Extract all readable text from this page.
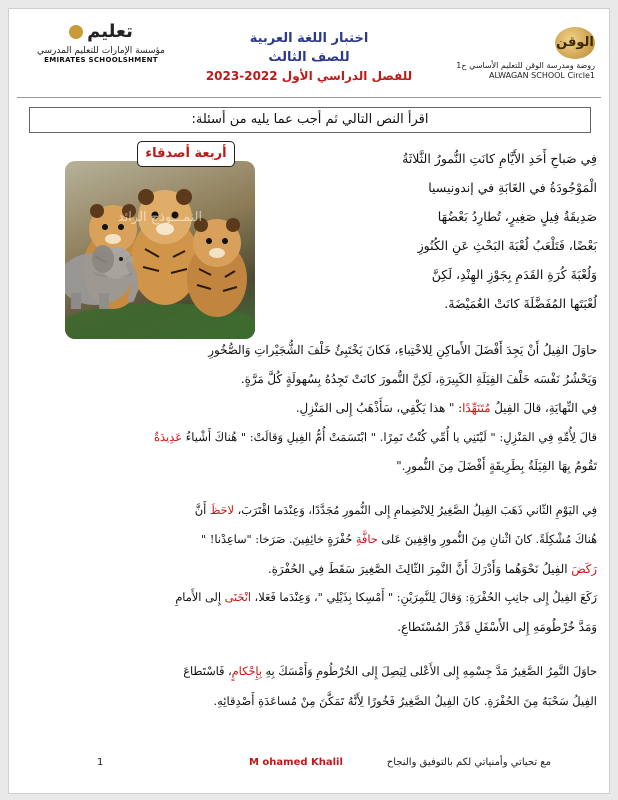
الوقن
روضة ومدرسة الوقن للتعليم الأساسي ح1
ALWAGAN SCHOOL Circle1
اختبار اللغة العربية
للصف الثالث
للفصل الدراسي الأول 2022-2023
تعليم
مؤسسة الإمارات للتعليم المدرسي
EMIRATES SCHOOLSHMENT
اقرأ النص التالي ثم أجب عما يليه من أسئلة:
النمـــوذج الرائد
أربعة أصدقاء	فِي صَباحِ أَحَدِ الأَيَّامِ كانَتِ النُّمورُ الثَّلاثَةُ
الْمَوْجُودَةُ في الغَابَةِ في إندونيسيا
صَدِيقَةٌ فِيلٍ صَغِيرٍ، تُطارِدُ بَعْضُهَا
بَعْضًا، فَتَلْعَبُ لُعْبَةَ البَحْثِ عَنِ الكُنُوزِ
وَلُعْبَةَ كُرَةِ القَدَمِ بِجَوْزِ الهِنْدِ، لَكِنَّ
لُعْبَتَها المُفَضَّلَةَ كانَتْ الغُمَيْضَةَ.
حاوَلَ الفِيلُ أَنْ يَجِدَ أَفْضَلَ الأَماكِنِ لِلاخْتِباءِ، فَكانَ يَخْتَبِئُ خَلْفَ الشُّجَيْراتِ وَالصُّخُورِ
وَيَحْشُرُ نَفْسَه خَلْفَ الفِيَلَةِ الكَبِيرَةِ، لَكِنَّ النُّمورَ كانَتْ تَجِدُهُ بِسُهولَةٍ كُلَّ مَرَّةٍ.
فِي النِّهايَةِ، قالَ الفِيلُ مُتَنَهِّدًا: " هذا يَكْفِي، سَأَذْهَبُ إِلى المَنْزِلِ.
قالَ لِأُمِّهِ فِي المَنْزِلِ: " لَيْتَنِي يا أُمِّي كُنْتُ نَمِرًا. " ابْتَسَمَتْ أُمُّ الفِيلِ وَقالَتْ: " هُناكَ أَشْياءُ عَدِيدَةٌ
تَقُومُ بِهَا الفِيَلَةُ بِطَرِيقَةٍ أَفْضَلَ مِنَ النُّمورِ."
فِي اليَوْمِ الثّاني ذَهَبَ الفِيلُ الصَّغِيرُ لِلانْضِمامِ إِلى النُّمورِ مُجَدَّدًا، وَعِنْدَما اقْتَرَبَ، لاحَظَ أَنَّ
هُناكَ مُشْكِلَةً. كانَ اثْنانِ مِنَ النُّمورِ واقِفِينَ عَلى حافَّةِ حُفْرَةٍ خائِفِينَ. صَرَخا: "ساعِدْنا! "
رَكَضَ الفِيلُ نَحْوَهُما وَأَدْرَكَ أَنَّ النَّمِرَ الثّالِثَ الصَّغِيرَ سَقَطَ فِي الحُفْرَةِ.
رَكَعَ الفِيلُ إِلى جانِبِ الحُفْرَةِ: وَقالَ لِلنَّمِرَيْنِ: " أَمْسِكا بِذَيْلِي "، وَعِنْدَما فَعَلا، انْحَنَى إِلى الأَمامِ
وَمَدَّ خُرْطُومَهِ إِلى الأَسْفَلِ قَدْرَ المُسْتَطاعِ.
حاوَلَ النَّمِرُ الصَّغِيرُ مَدَّ جِسْمِهِ إِلى الأَعْلى لِيَصِلَ إِلى الخُرْطُومِ وَأَمْسَكَ بِهِ بِإِحْكامٍ، فَاسْتَطاعَ
الفِيلُ سَحْبَهُ مِنَ الحُفْرَةِ. كانَ الفِيلُ الصَّغِيرُ فَخُورًا لِأَنَّهُ تَمَكَّنَ مِنْ مُساعَدَةِ أَصْدِقائِهِ.
1	M ohamed Khalil	مع تحياتي وأمنياتي لكم بالتوفيق والنجاح
